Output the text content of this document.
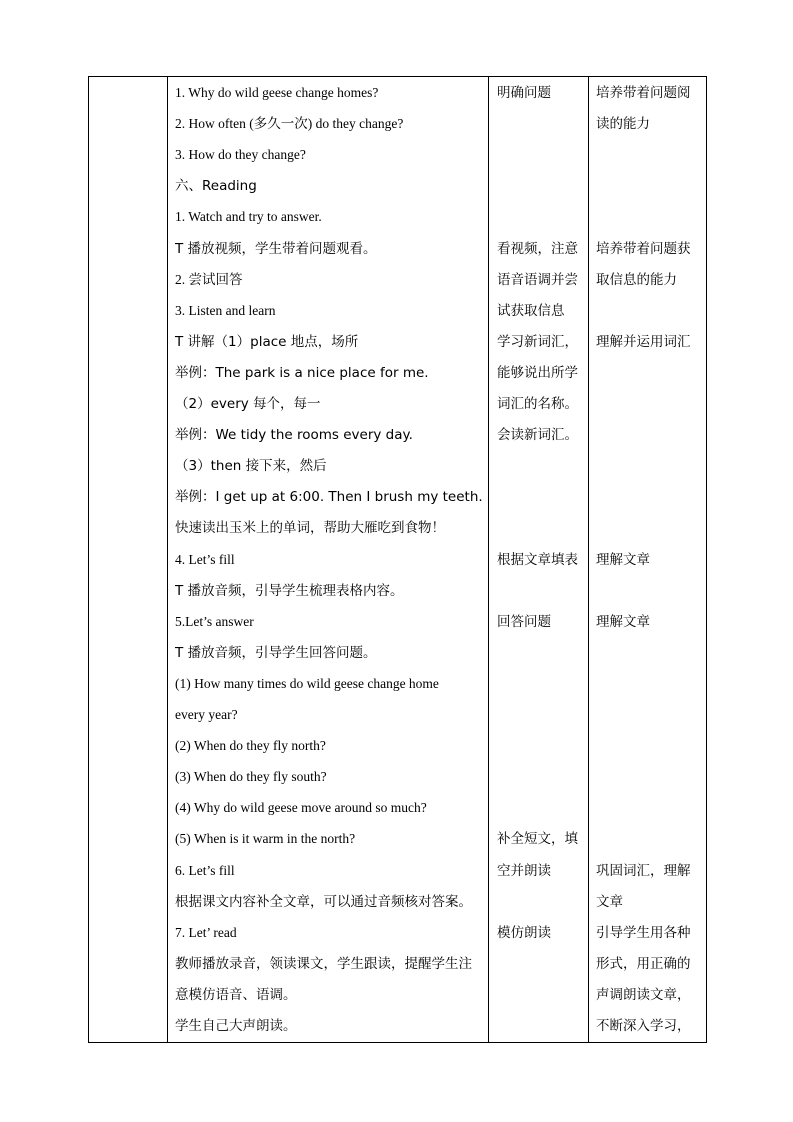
1. Why do wild geese change homes?
2. How often (多久一次) do they change?
3. How do they change?
六、Reading
1. Watch and try to answer.
T 播放视频，学生带着问题观看。
2. 尝试回答
3. Listen and learn
T 讲解（1）place 地点，场所
举例：The park is a nice place for me.
（2）every 每个，每一
举例：We tidy the rooms every day.
（3）then 接下来，然后
举例：I get up at 6:00. Then I brush my teeth.
快速读出玉米上的单词，帮助大雁吃到食物！
4. Let’s fill
T 播放音频，引导学生梳理表格内容。
5.Let’s answer
T 播放音频，引导学生回答问题。
(1) How many times do wild geese change home
every year?
(2) When do they fly north?
(3) When do they fly south?
(4) Why do wild geese move around so much?
(5) When is it warm in the north?
6. Let’s fill
根据课文内容补全文章，可以通过音频核对答案。
7. Let’ read
教师播放录音，领读课文，学生跟读，提醒学生注
意模仿语音、语调。
学生自己大声朗读。
明确问题
看视频，注意
语音语调并尝
试获取信息
学习新词汇，
能够说出所学
词汇的名称。
会读新词汇。
根据文章填表
回答问题
补全短文，填
空并朗读
模仿朗读
培养带着问题阅
读的能力
培养带着问题获
取信息的能力
理解并运用词汇
理解文章
理解文章
巩固词汇，理解
文章
引导学生用各种
形式，用正确的
声调朗读文章，
不断深入学习，
